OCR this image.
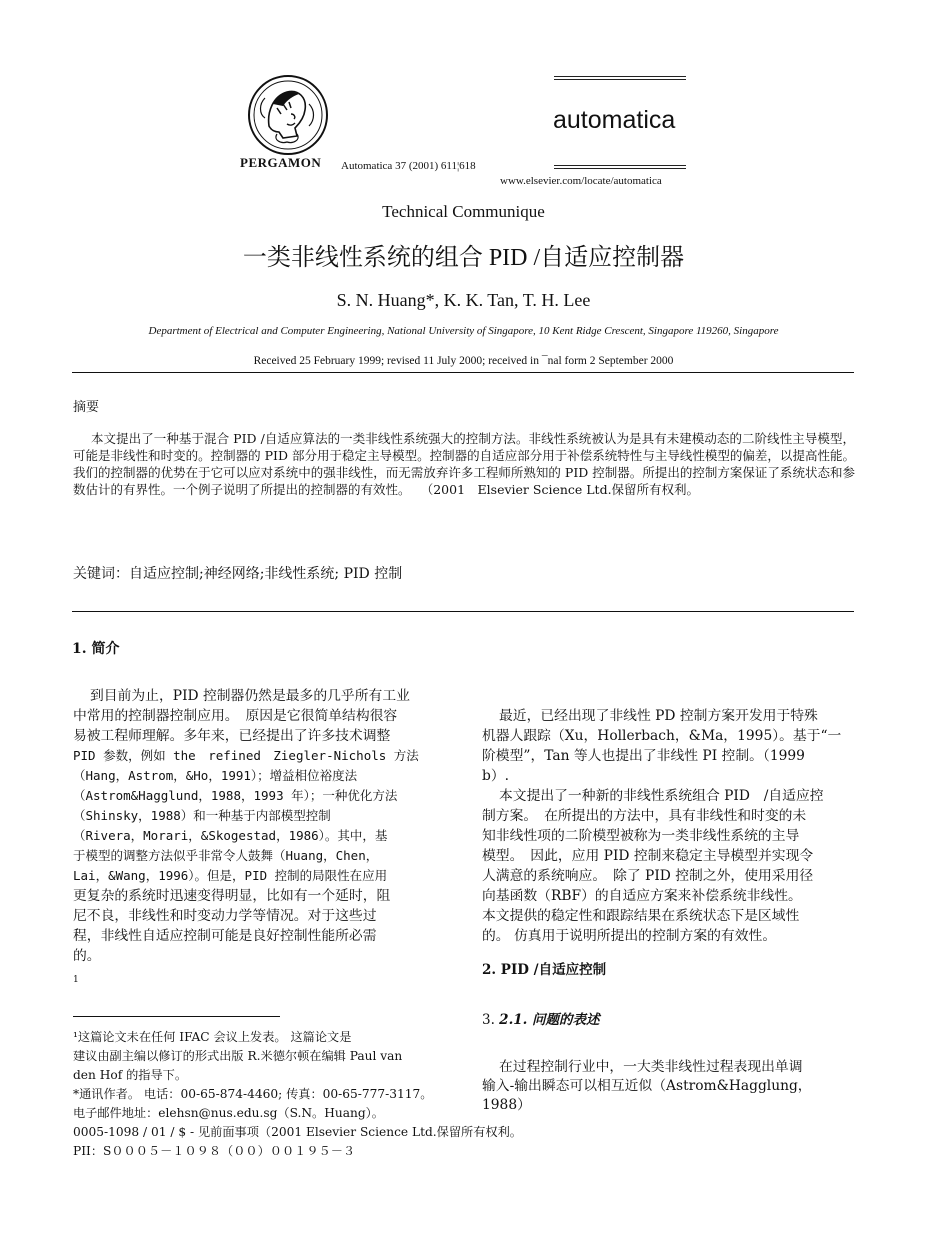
PERGAMON Automatica 37 (2001) 611¦618
automatica
www.elsevier.com/locate/automatica
Technical Communique
一类非线性系统的组合 PID /自适应控制器
S. N. Huang*, K. K. Tan, T. H. Lee
Department of Electrical and Computer Engineering, National University of Singapore, 10 Kent Ridge Crescent, Singapore 119260, Singapore
Received 25 February 1999; revised 11 July 2000; received in ¯nal form 2 September 2000
摘要
本文提出了一种基于混合 PID /自适应算法的一类非线性系统强大的控制方法。非线性系统被认为是具有未建模动态的二阶线性主导模型，可能是非线性和时变的。控制器的 PID 部分用于稳定主导模型。控制器的自适应部分用于补偿系统特性与主导线性模型的偏差，以提高性能。我们的控制器的优势在于它可以应对系统中的强非线性，而无需放弃许多工程师所熟知的 PID 控制器。所提出的控制方案保证了系统状态和参数估计的有界性。一个例子说明了所提出的控制器的有效性。　 （2001　Elsevier Science Ltd.保留所有权利。
关键词：自适应控制;神经网络;非线性系统; PID 控制
1. 简介
到目前为止，PID 控制器仍然是最多的几乎所有工业
中常用的控制器控制应用。　原因是它很简单结构很容
易被工程师理解。多年来，已经提出了许多技术调整
PID 参数，例如 the　refined　Ziegler-Nichols 方法
（Hang，Astrom，&Ho，1991）；增益相位裕度法
（Astrom&Hagglund，1988，1993 年）；一种优化方法
（Shinsky，1988）和一种基于内部模型控制
（Rivera，Morari，&Skogestad，1986）。其中，基
于模型的调整方法似乎非常令人鼓舞（Huang，Chen，
Lai，&Wang，1996）。但是，PID 控制的局限性在应用
更复杂的系统时迅速变得明显，比如有一个延时，阻
尼不良，非线性和时变动力学等情况。对于这些过
程，非线性自适应控制可能是良好控制性能所必需
的。
1
最近，已经出现了非线性 PD 控制方案开发用于特殊
机器人跟踪（Xu，Hollerbach，&Ma，1995）。基于“一
阶模型”，Tan 等人也提出了非线性 PI 控制。（1999
b）.
本文提出了一种新的非线性系统组合 PID　/自适应控
制方案。　在所提出的方法中，具有非线性和时变的未
知非线性项的二阶模型被称为一类非线性系统的主导
模型。　因此，应用 PID 控制来稳定主导模型并实现令
人满意的系统响应。　除了 PID 控制之外，使用采用径
向基函数（RBF）的自适应方案来补偿系统非线性。
本文提供的稳定性和跟踪结果在系统状态下是区域性
的。 仿真用于说明所提出的控制方案的有效性。
2. PID /自适应控制
3. 2.1. 问题的表述
在过程控制行业中，一大类非线性过程表现出单调
输入-输出瞬态可以相互近似（Astrom&Hagglung，
1988）
¹这篇论文未在任何 IFAC 会议上发表。 这篇论文是
建议由副主编以修订的形式出版 R.米德尔顿在编辑 Paul van
den Hof 的指导下。
*通讯作者。 电话：00-65-874-4460; 传真：00-65-777-3117。
电子邮件地址：elehsn@nus.edu.sg（S.N。Huang）。
0005-1098 / 01 / $ - 见前面事项（2001 Elsevier Science Ltd.保留所有权利。
PII：S０００５－１０９８（００）００１９５－３
